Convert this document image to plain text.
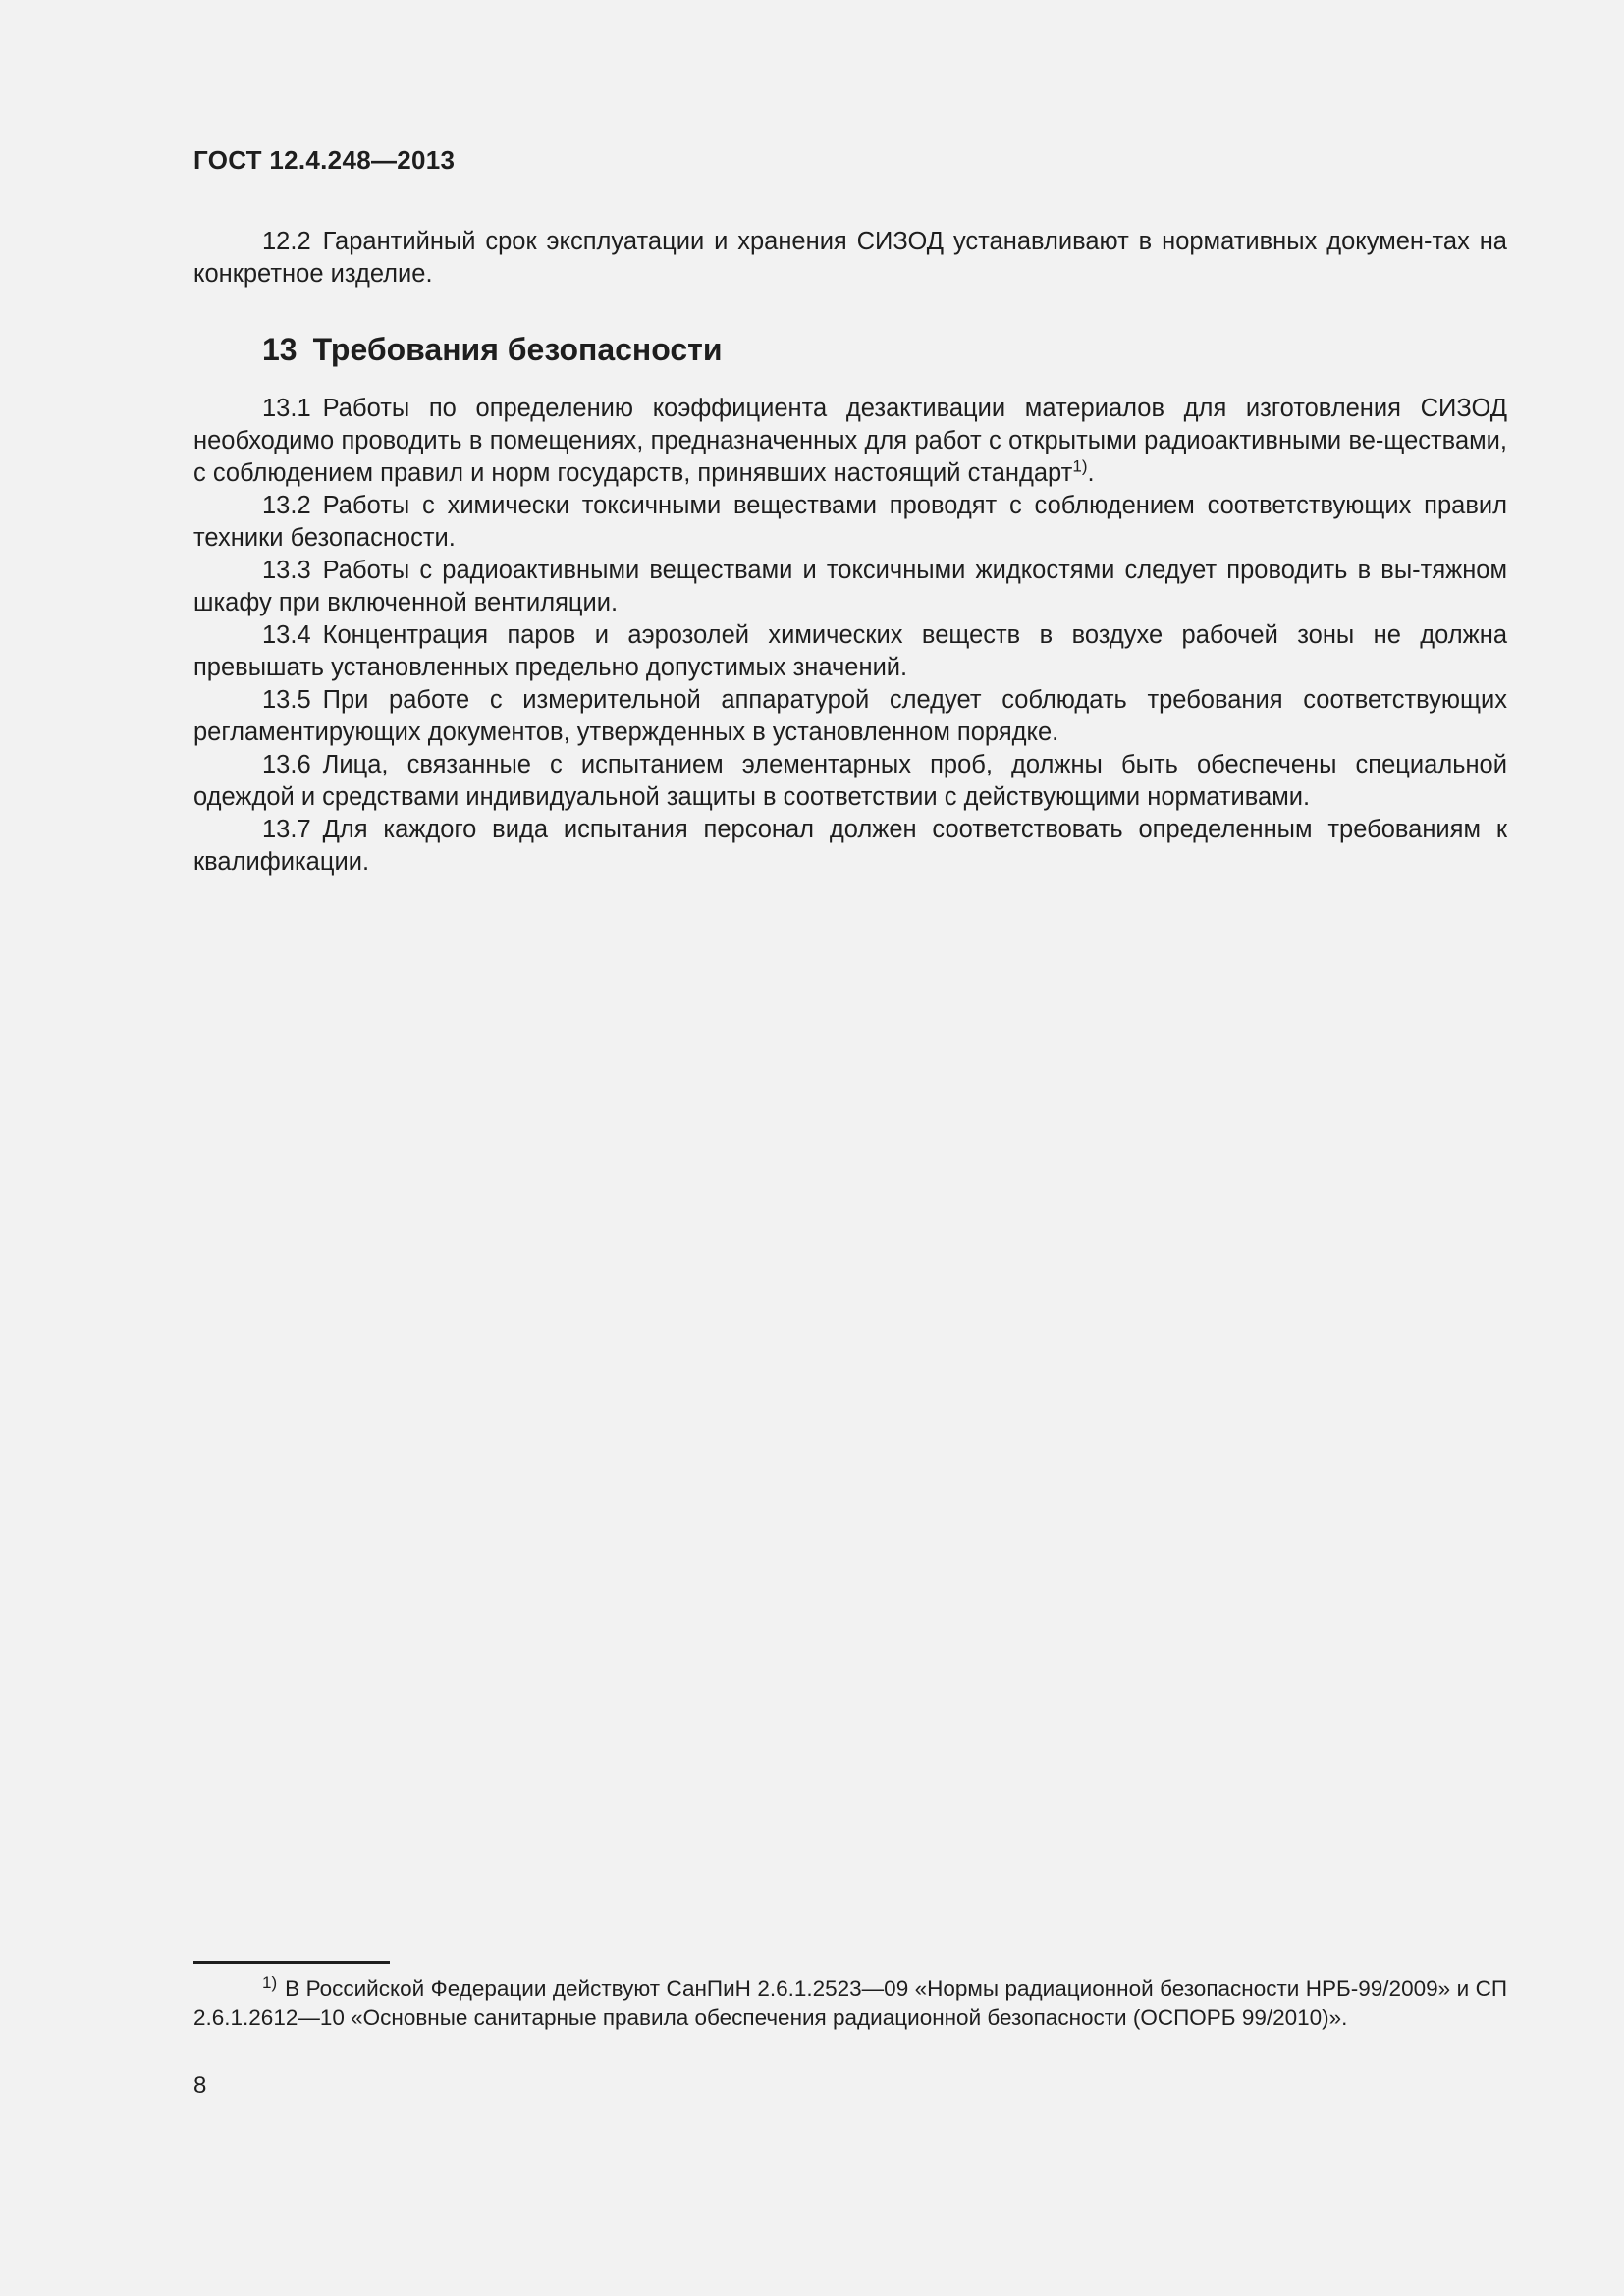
ГОСТ 12.4.248—2013

12.2 Гарантийный срок эксплуатации и хранения СИЗОД устанавливают в нормативных докумен-тах на конкретное изделие.

13 Требования безопасности

13.1 Работы по определению коэффициента дезактивации материалов для изготовления СИЗОД необходимо проводить в помещениях, предназначенных для работ с открытыми радиоактивными ве-ществами, с соблюдением правил и норм государств, принявших настоящий стандарт$^{1)}$.

13.2 Работы с химически токсичными веществами проводят с соблюдением соответствующих правил техники безопасности.

13.3 Работы с радиоактивными веществами и токсичными жидкостями следует проводить в вы-тяжном шкафу при включенной вентиляции.

13.4 Концентрация паров и аэрозолей химических веществ в воздухе рабочей зоны не должна превышать установленных предельно допустимых значений.

13.5 При работе с измерительной аппаратурой следует соблюдать требования соответствующих регламентирующих документов, утвержденных в установленном порядке.

13.6 Лица, связанные с испытанием элементарных проб, должны быть обеспечены специальной одеждой и средствами индивидуальной защиты в соответствии с действующими нормативами.

13.7 Для каждого вида испытания персонал должен соответствовать определенным требованиям к квалификации.

$^{1)}$ В Российской Федерации действуют СанПиН 2.6.1.2523—09 «Нормы радиационной безопасности НРБ-99/2009» и СП 2.6.1.2612—10 «Основные санитарные правила обеспечения радиационной безопасности (ОСПОРБ 99/2010)».

8
